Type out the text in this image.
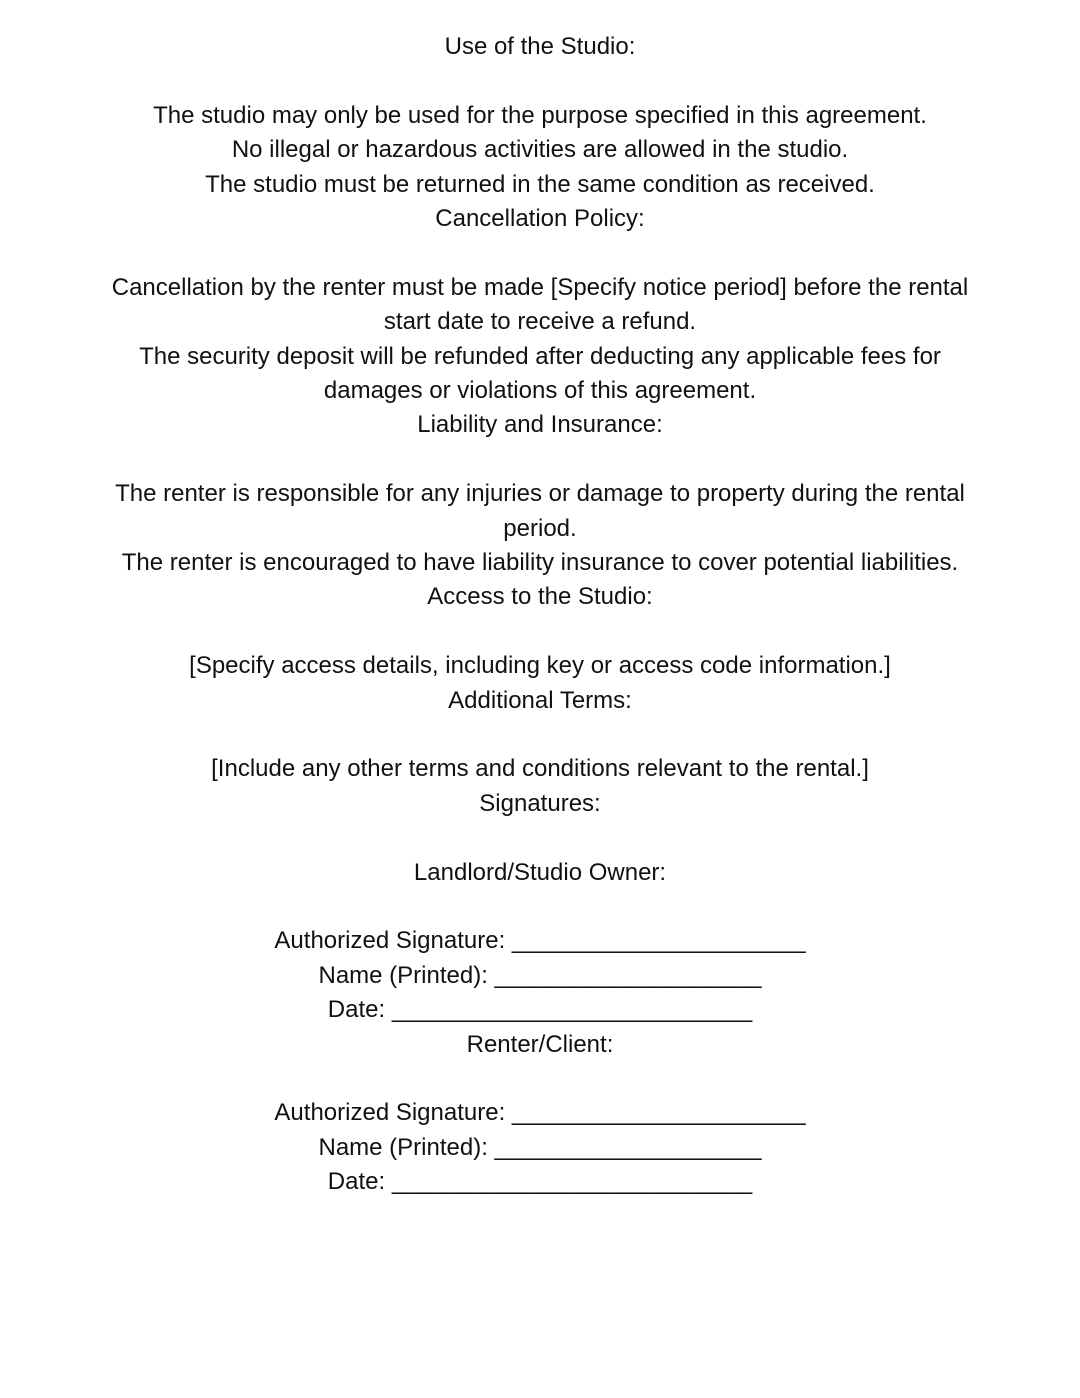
Use of the Studio:
The studio may only be used for the purpose specified in this agreement.
No illegal or hazardous activities are allowed in the studio.
The studio must be returned in the same condition as received.
Cancellation Policy:
Cancellation by the renter must be made [Specify notice period] before the rental
start date to receive a refund.
The security deposit will be refunded after deducting any applicable fees for
damages or violations of this agreement.
Liability and Insurance:
The renter is responsible for any injuries or damage to property during the rental
period.
The renter is encouraged to have liability insurance to cover potential liabilities.
Access to the Studio:
[Specify access details, including key or access code information.]
Additional Terms:
[Include any other terms and conditions relevant to the rental.]
Signatures:
Landlord/Studio Owner:
Authorized Signature: ______________________
Name (Printed): ____________________
Date: ___________________________
Renter/Client:
Authorized Signature: ______________________
Name (Printed): ____________________
Date: ___________________________
